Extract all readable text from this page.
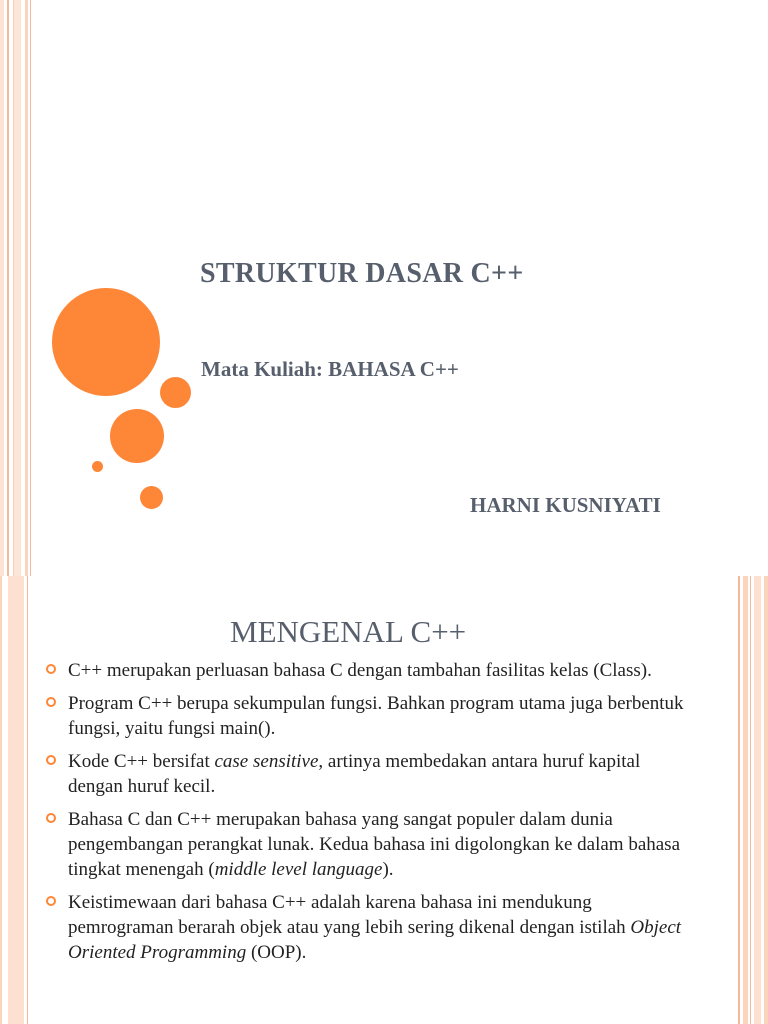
STRUKTUR DASAR C++
Mata Kuliah: BAHASA C++
HARNI KUSNIYATI
MENGENAL C++
C++ merupakan perluasan bahasa C dengan tambahan fasilitas kelas (Class).
Program C++ berupa sekumpulan fungsi. Bahkan program utama juga berbentuk fungsi, yaitu fungsi main().
Kode C++ bersifat case sensitive, artinya membedakan antara huruf kapital dengan huruf kecil.
Bahasa C dan C++ merupakan bahasa yang sangat populer dalam dunia pengembangan perangkat lunak. Kedua bahasa ini digolongkan ke dalam bahasa tingkat menengah (middle level language).
Keistimewaan dari bahasa C++ adalah karena bahasa ini mendukung pemrograman berarah objek atau yang lebih sering dikenal dengan istilah Object Oriented Programming (OOP).
